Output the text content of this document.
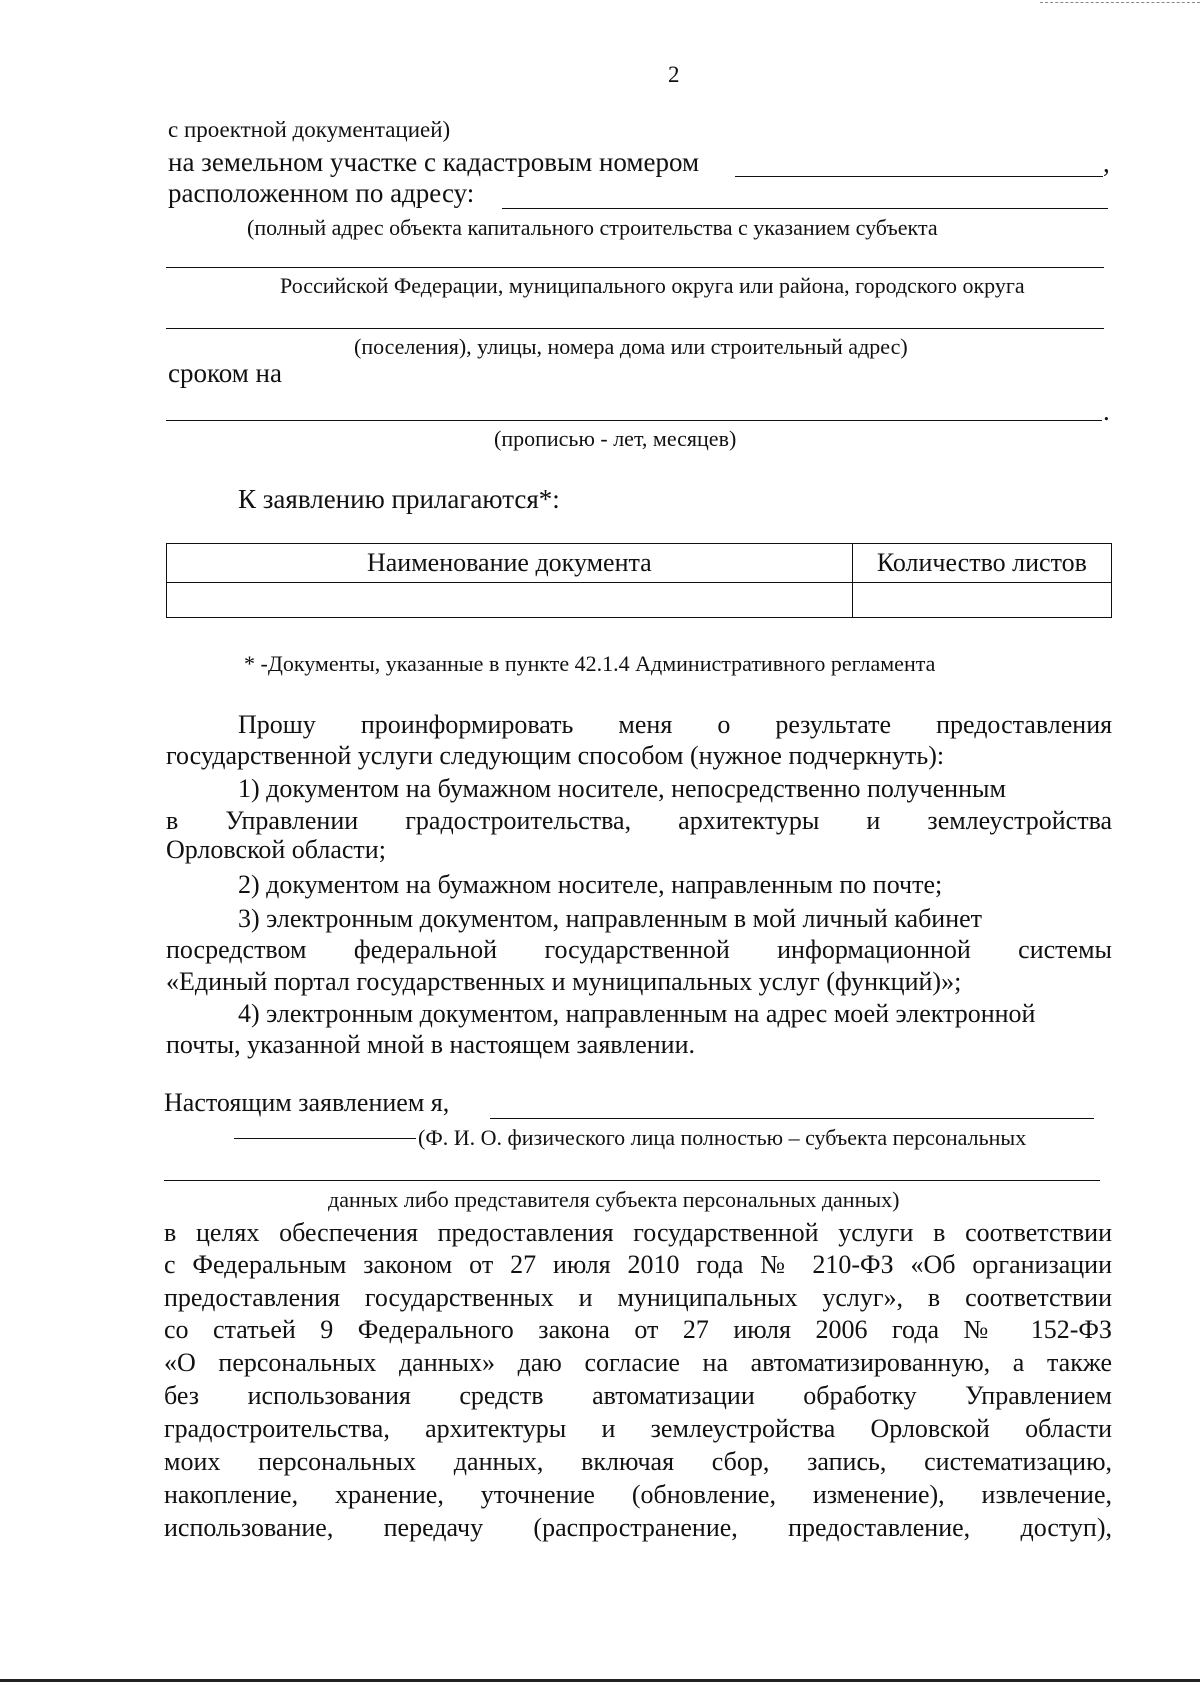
2
с проектной документацией)
на земельном участке с кадастровым номером	,
расположенном по адресу:
(полный адрес объекта капитального строительства с указанием субъекта
Российской Федерации, муниципального округа или района, городского округа
(поселения), улицы, номера дома или строительный адрес)
сроком на
.
(прописью - лет, месяцев)
К заявлению прилагаются*:
Наименование документа	Количество листов

* -Документы, указанные в пункте 42.1.4 Административного регламента
Прошу проинформировать меня о результате предоставления
государственной услуги следующим способом (нужное подчеркнуть):
1) документом на бумажном носителе, непосредственно полученным
в Управлении градостроительства, архитектуры и землеустройства
Орловской области;
2) документом на бумажном носителе, направленным по почте;
3) электронным документом, направленным в мой личный кабинет
посредством федеральной государственной информационной системы
«Единый портал государственных и муниципальных услуг (функций)»;
4) электронным документом, направленным на адрес моей электронной
почты, указанной мной в настоящем заявлении.
Настоящим заявлением я,
(Ф. И. О. физического лица полностью – субъекта персональных
данных либо представителя субъекта персональных данных)
в целях обеспечения предоставления государственной услуги в соответствии
с Федеральным законом от 27 июля 2010 года № 210-ФЗ «Об организации
предоставления государственных и муниципальных услуг», в соответствии
со статьей 9 Федерального закона от 27 июля 2006 года № 152-ФЗ
«О персональных данных» даю согласие на автоматизированную, а также
без использования средств автоматизации обработку Управлением
градостроительства, архитектуры и землеустройства Орловской области
моих персональных данных, включая сбор, запись, систематизацию,
накопление, хранение, уточнение (обновление, изменение), извлечение,
использование, передачу (распространение, предоставление, доступ),
